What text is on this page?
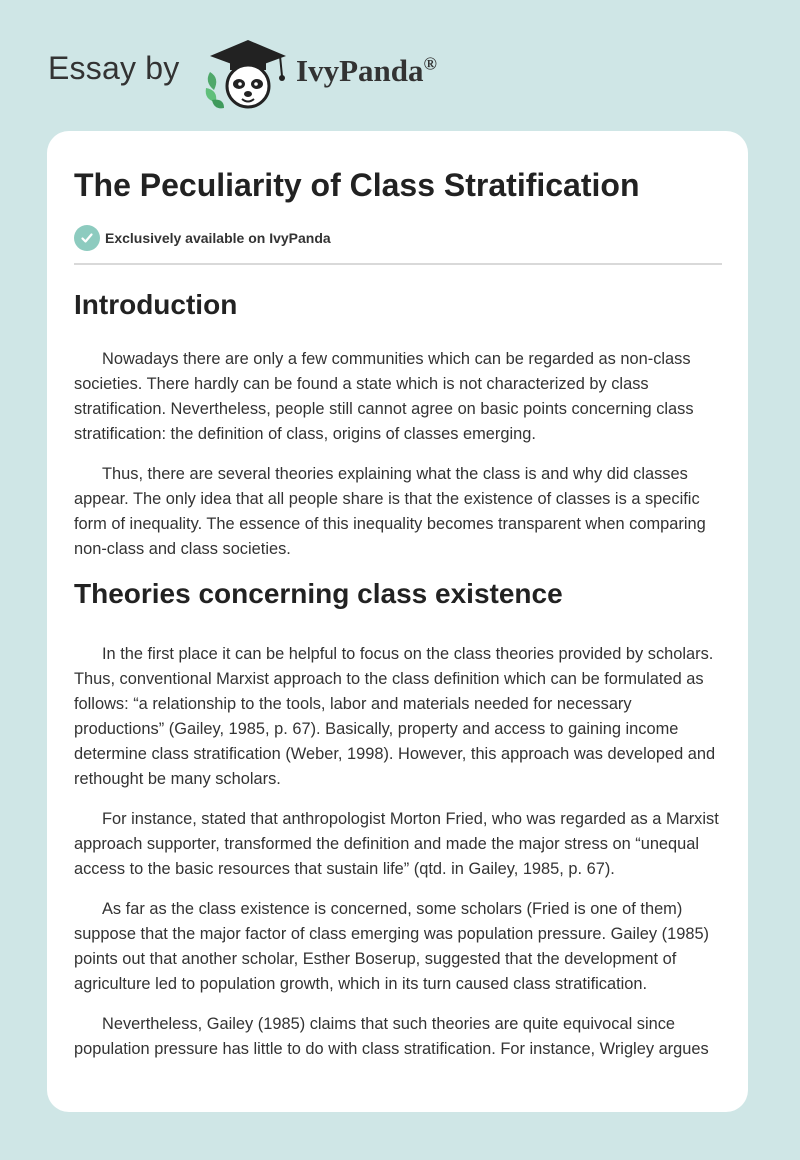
Essay by	IvyPanda®
The Peculiarity of Class Stratification
Exclusively available on IvyPanda
Introduction

Nowadays there are only a few communities which can be regarded as non-class societies. There hardly can be found a state which is not characterized by class stratification. Nevertheless, people still cannot agree on basic points concerning class stratification: the definition of class, origins of classes emerging.

Thus, there are several theories explaining what the class is and why did classes appear. The only idea that all people share is that the existence of classes is a specific form of inequality. The essence of this inequality becomes transparent when comparing non-class and class societies.

Theories concerning class existence

In the first place it can be helpful to focus on the class theories provided by scholars. Thus, conventional Marxist approach to the class definition which can be formulated as follows: “a relationship to the tools, labor and materials needed for necessary productions” (Gailey, 1985, p. 67). Basically, property and access to gaining income determine class stratification (Weber, 1998). However, this approach was developed and rethought be many scholars.

For instance, stated that anthropologist Morton Fried, who was regarded as a Marxist approach supporter, transformed the definition and made the major stress on “unequal access to the basic resources that sustain life” (qtd. in Gailey, 1985, p. 67).

As far as the class existence is concerned, some scholars (Fried is one of them) suppose that the major factor of class emerging was population pressure. Gailey (1985) points out that another scholar, Esther Boserup, suggested that the development of agriculture led to population growth, which in its turn caused class stratification.

Nevertheless, Gailey (1985) claims that such theories are quite equivocal since population pressure has little to do with class stratification. For instance, Wrigley argues
